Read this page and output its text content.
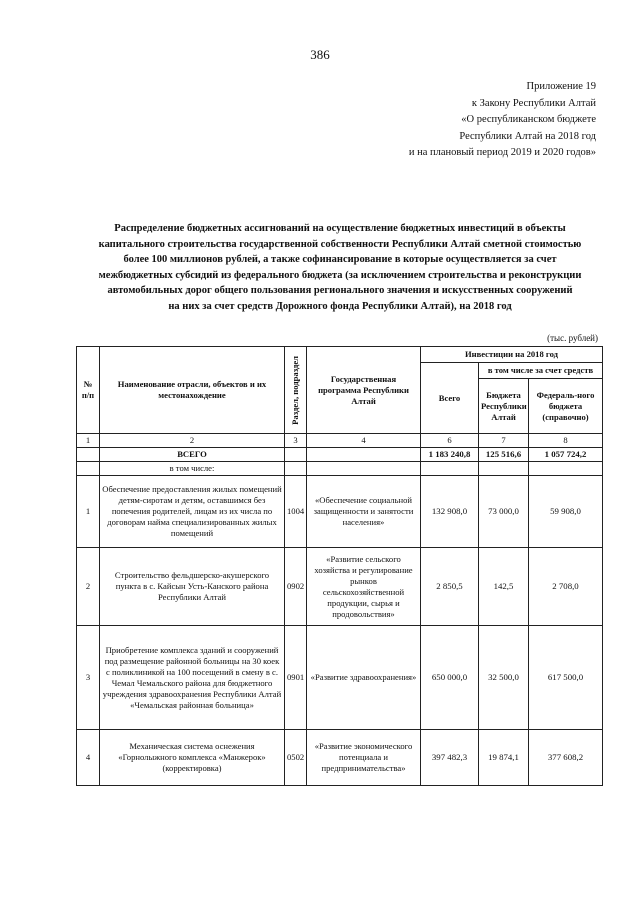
386
Приложение 19
к Закону Республики Алтай
«О республиканском бюджете
Республики Алтай на 2018 год
и на плановый период 2019 и 2020 годов»
Распределение бюджетных ассигнований на осуществление бюджетных инвестиций в объекты
капитального строительства государственной собственности Республики Алтай сметной стоимостью
более 100 миллионов рублей, а также софинансирование в которые осуществляется за счет
межбюджетных субсидий из федерального бюджета (за исключением строительства и реконструкции
автомобильных дорог общего пользования регионального значения и искусственных сооружений
на них за счет средств Дорожного фонда Республики Алтай), на 2018 год
(тыс. рублей)
№ п/п	Наименование отрасли, объектов и их местонахождение	Раздел, подраздел	Государственная программа Республики Алтай	Инвестиции на 2018 год		
				Всего	в том числе за счет средств	

					Бюджета Республики Алтай	Федераль-ного бюджета (справочно)
1	2	3	4	6	7	8
	ВСЕГО			1 183 240,8	125 516,6	1 057 724,2
	в том числе:					
1	Обеспечение предоставления жилых помещений детям-сиротам и детям, оставшимся без попечения родителей, лицам из их числа по договорам найма специализированных жилых помещений	1004	«Обеспечение социальной защищенности и занятости населения»	132 908,0	73 000,0	59 908,0
2	Строительство фельдшерско-акушерского пункта в с. Кайсын Усть-Канского района Республики Алтай	0902	«Развитие сельского хозяйства и регулирование рынков сельскохозяйственной продукции, сырья и продовольствия»	2 850,5	142,5	2 708,0
3	Приобретение комплекса зданий и сооружений под размещение районной больницы на 30 коек с поликлиникой на 100 посещений в смену в с. Чемал Чемальского района для бюджетного учреждения здравоохранения Республики Алтай «Чемальская районная больница»	0901	«Развитие здравоохранения»	650 000,0	32 500,0	617 500,0
4	Механическая система оснежения «Горнолыжного комплекса «Манжерок» (корректировка)	0502	«Развитие экономического потенциала и предпринимательства»	397 482,3	19 874,1	377 608,2
